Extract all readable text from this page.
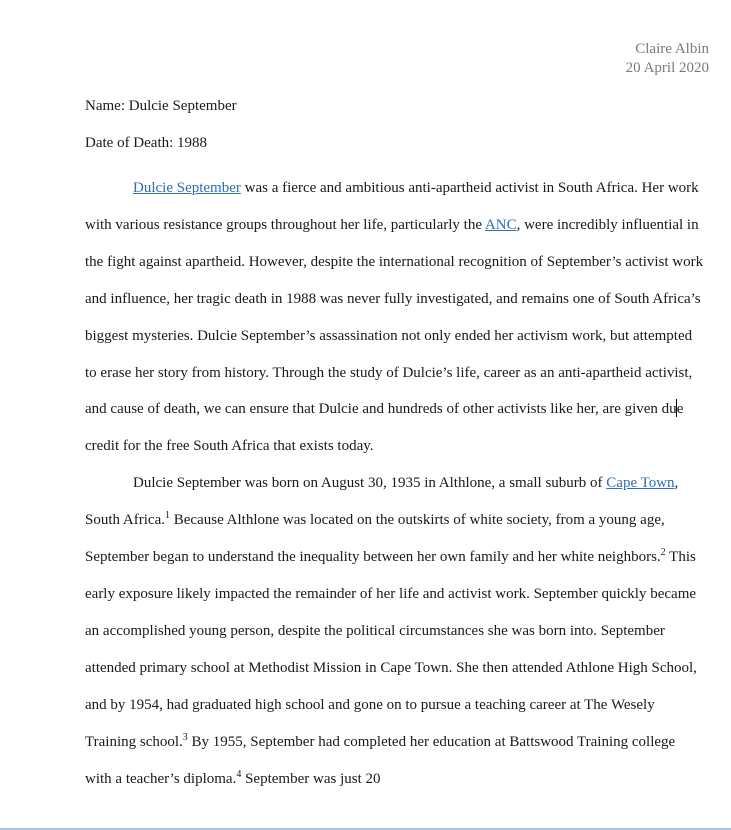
Claire Albin
20 April 2020
Name: Dulcie September
Date of Death: 1988

Dulcie September was a fierce and ambitious anti-apartheid activist in South Africa. Her work with various resistance groups throughout her life, particularly the ANC, were incredibly influential in the fight against apartheid. However, despite the international recognition of September’s activist work and influence, her tragic death in 1988 was never fully investigated, and remains one of South Africa’s biggest mysteries. Dulcie September’s assassination not only ended her activism work, but attempted to erase her story from history. Through the study of Dulcie’s life, career as an anti-apartheid activist, and cause of death, we can ensure that Dulcie and hundreds of other activists like her, are given due credit for the free South Africa that exists today.

Dulcie September was born on August 30, 1935 in Althlone, a small suburb of Cape Town, South Africa.$^1$ Because Althlone was located on the outskirts of white society, from a young age, September began to understand the inequality between her own family and her white neighbors.$^2$ This early exposure likely impacted the remainder of her life and activist work. September quickly became an accomplished young person, despite the political circumstances she was born into. September attended primary school at Methodist Mission in Cape Town. She then attended Athlone High School, and by 1954, had graduated high school and gone on to pursue a teaching career at The Wesely Training school.$^3$ By 1955, September had completed her education at Battswood Training college with a teacher’s diploma.$^4$ September was just 20
